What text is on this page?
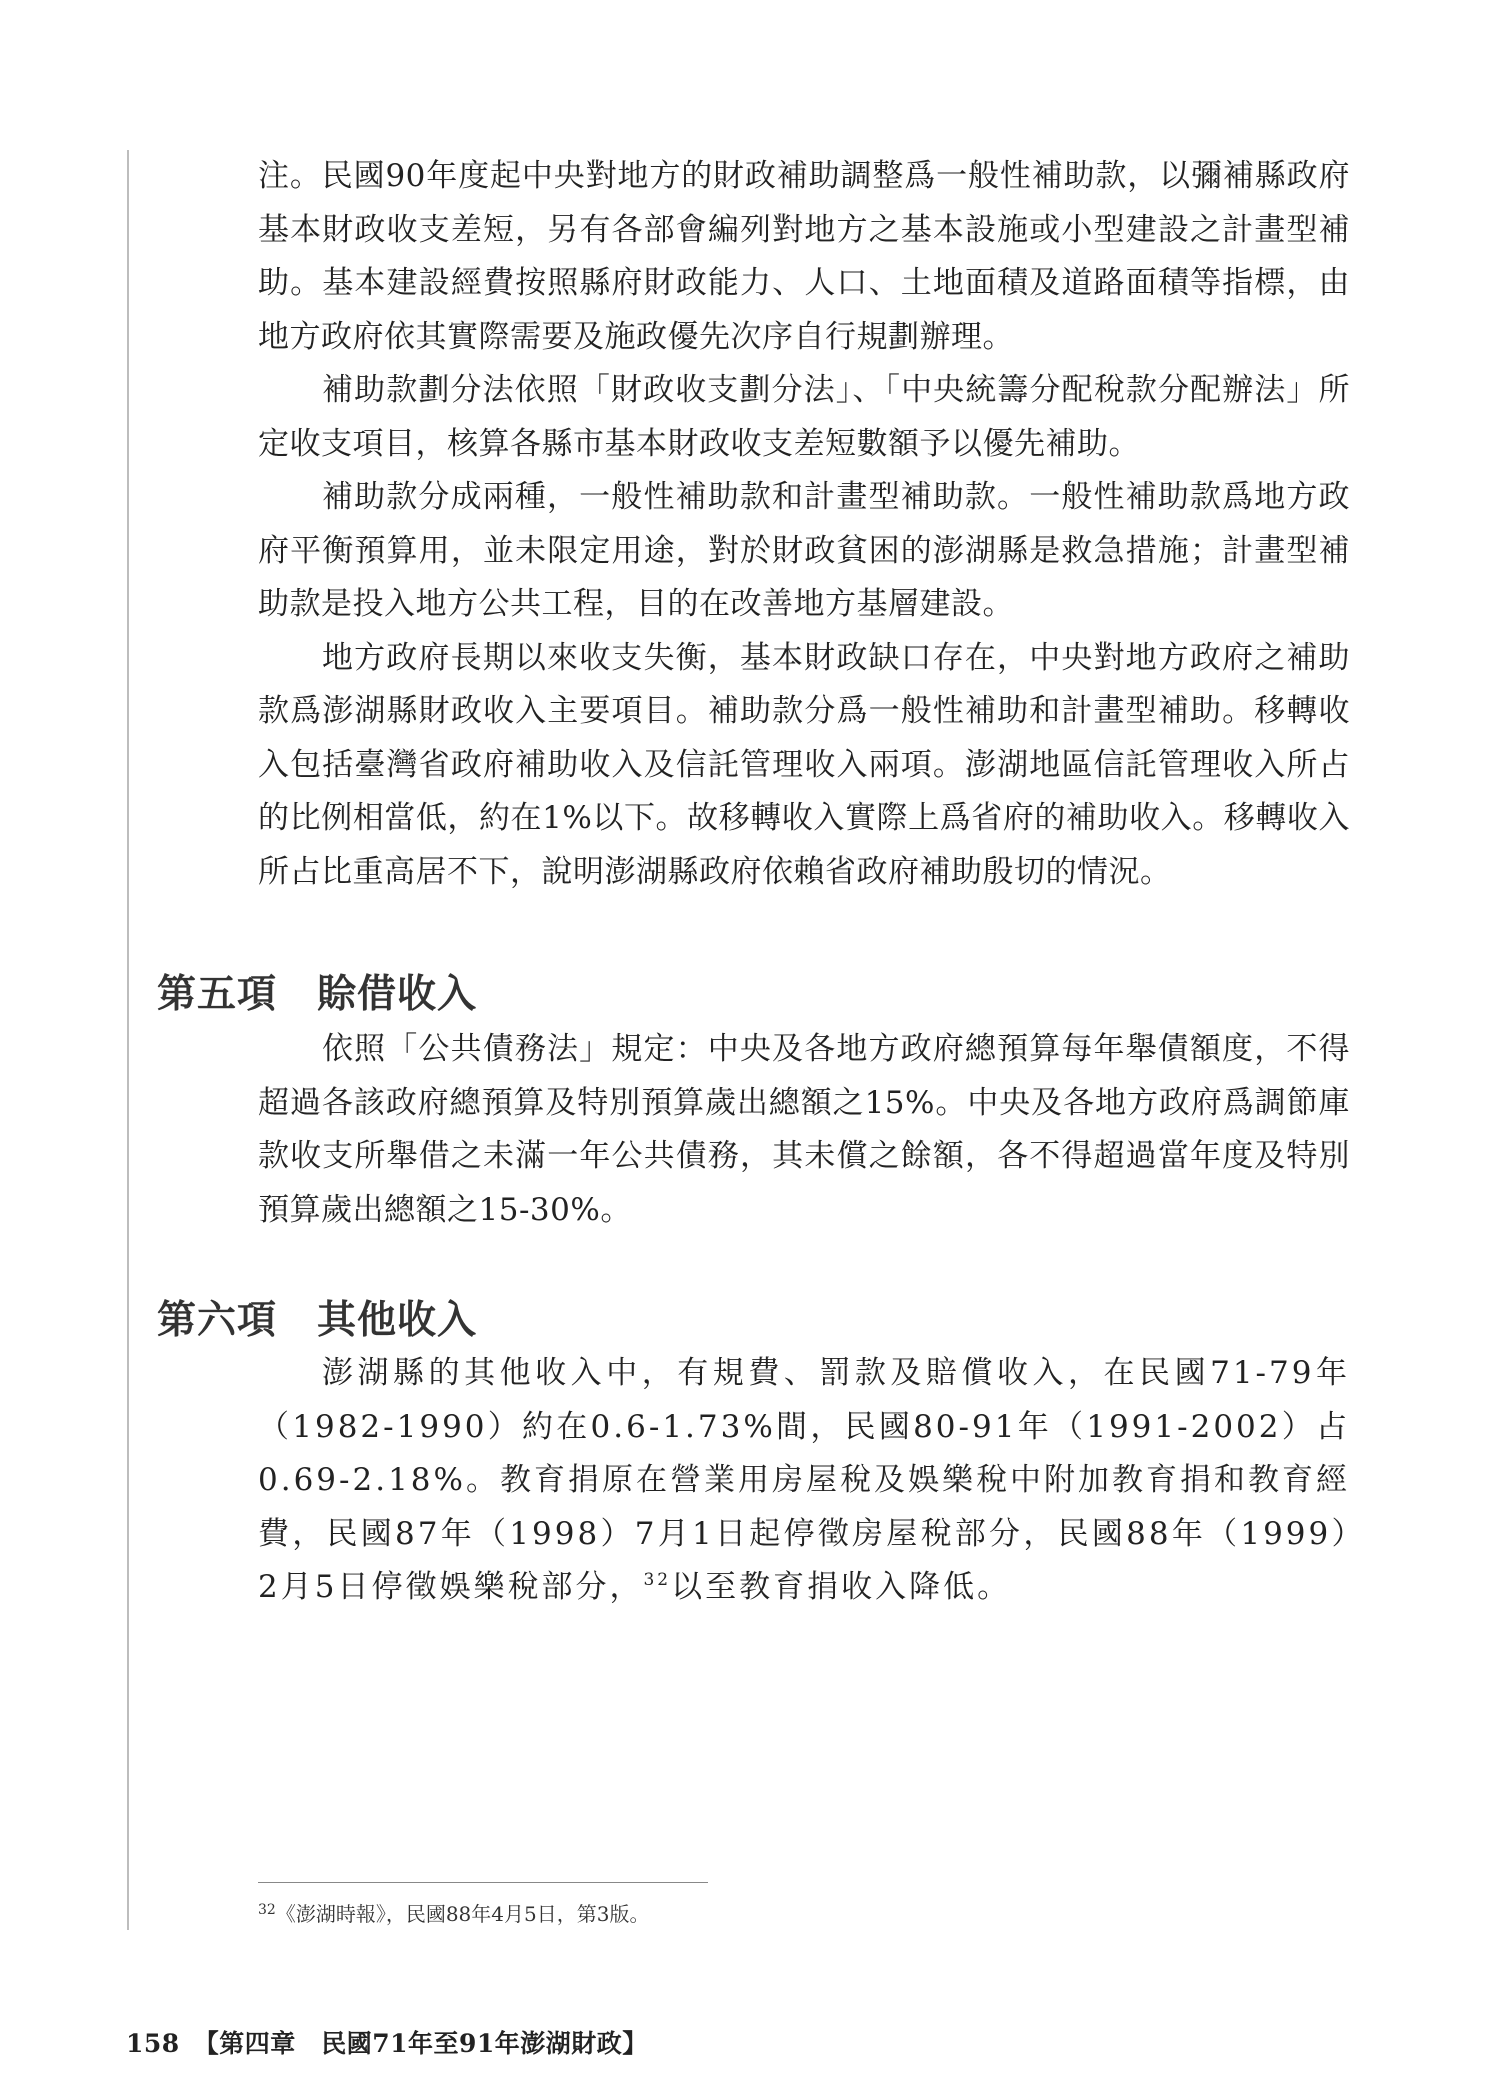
注。民國90年度起中央對地方的財政補助調整爲一般性補助款，以彌補縣政府基本財政收支差短，另有各部會編列對地方之基本設施或小型建設之計畫型補助。基本建設經費按照縣府財政能力、人口、土地面積及道路面積等指標，由地方政府依其實際需要及施政優先次序自行規劃辦理。

補助款劃分法依照「財政收支劃分法」、「中央統籌分配稅款分配辦法」所定收支項目，核算各縣市基本財政收支差短數額予以優先補助。

補助款分成兩種，一般性補助款和計畫型補助款。一般性補助款爲地方政府平衡預算用，並未限定用途，對於財政貧困的澎湖縣是救急措施；計畫型補助款是投入地方公共工程，目的在改善地方基層建設。

地方政府長期以來收支失衡，基本財政缺口存在，中央對地方政府之補助款爲澎湖縣財政收入主要項目。補助款分爲一般性補助和計畫型補助。移轉收入包括臺灣省政府補助收入及信託管理收入兩項。澎湖地區信託管理收入所占的比例相當低，約在1%以下。故移轉收入實際上爲省府的補助收入。移轉收入所占比重高居不下，說明澎湖縣政府依賴省政府補助殷切的情況。

第五項 賒借收入

依照「公共債務法」規定：中央及各地方政府總預算每年舉債額度，不得超過各該政府總預算及特別預算歲出總額之15%。中央及各地方政府爲調節庫款收支所舉借之未滿一年公共債務，其未償之餘額，各不得超過當年度及特別預算歲出總額之15-30%。

第六項 其他收入

澎湖縣的其他收入中，有規費、罰款及賠償收入，在民國71-79年（1982-1990）約在0.6-1.73%間，民國80-91年（1991-2002）占0.69-2.18%。教育捐原在營業用房屋稅及娛樂稅中附加教育捐和教育經費，民國87年（1998）7月1日起停徵房屋稅部分，民國88年（1999）2月5日停徵娛樂稅部分，$^{32}$以至教育捐收入降低。

$^{32}$《澎湖時報》，民國88年4月5日，第3版。

158 【第四章　民國71年至91年澎湖財政】
